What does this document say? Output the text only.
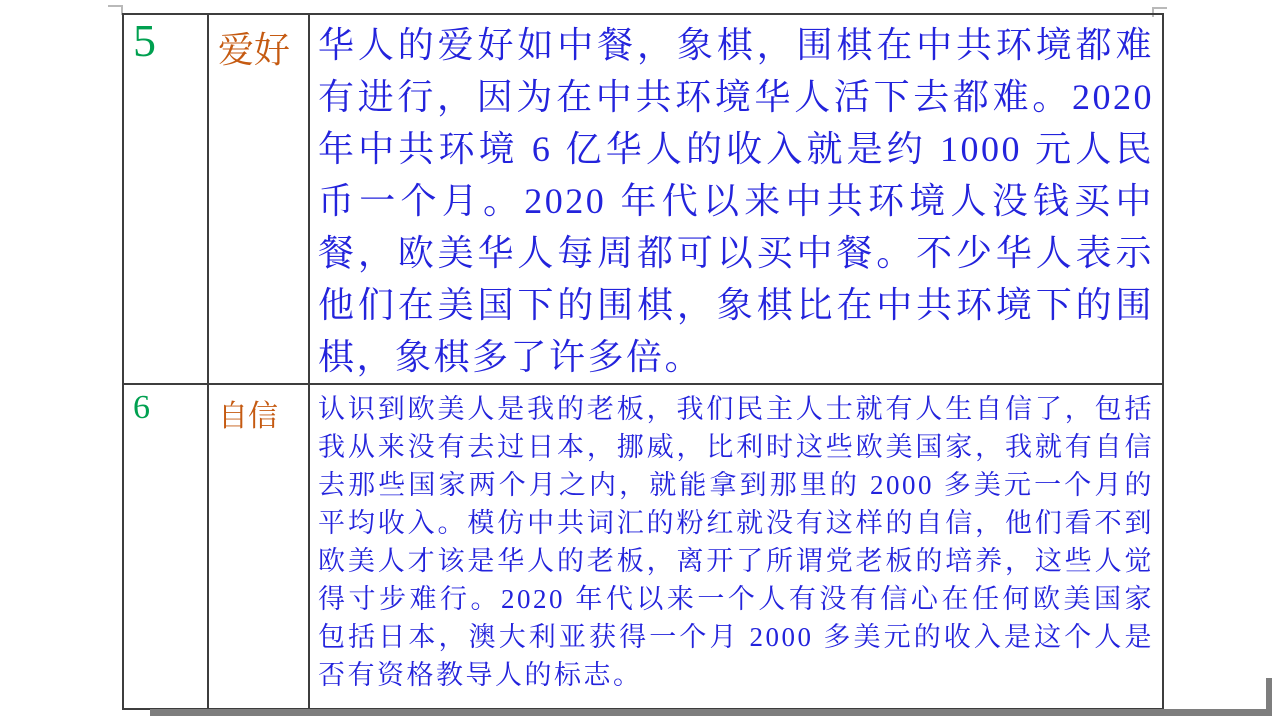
5	爱好	华人的爱好如中餐，象棋，围棋在中共环境都难有进行，因为在中共环境华人活下去都难。2020 年中共环境 6 亿华人的收入就是约 1000 元人民币一个月。2020 年代以来中共环境人没钱买中餐，欧美华人每周都可以买中餐。不少华人表示他们在美国下的围棋，象棋比在中共环境下的围棋，象棋多了许多倍。
6	自信	认识到欧美人是我的老板，我们民主人士就有人生自信了，包括我从来没有去过日本，挪威，比利时这些欧美国家，我就有自信去那些国家两个月之内，就能拿到那里的 2000 多美元一个月的平均收入。模仿中共词汇的粉红就没有这样的自信，他们看不到欧美人才该是华人的老板，离开了所谓党老板的培养，这些人觉得寸步难行。2020 年代以来一个人有没有信心在任何欧美国家包括日本，澳大利亚获得一个月 2000 多美元的收入是这个人是否有资格教导人的标志。
